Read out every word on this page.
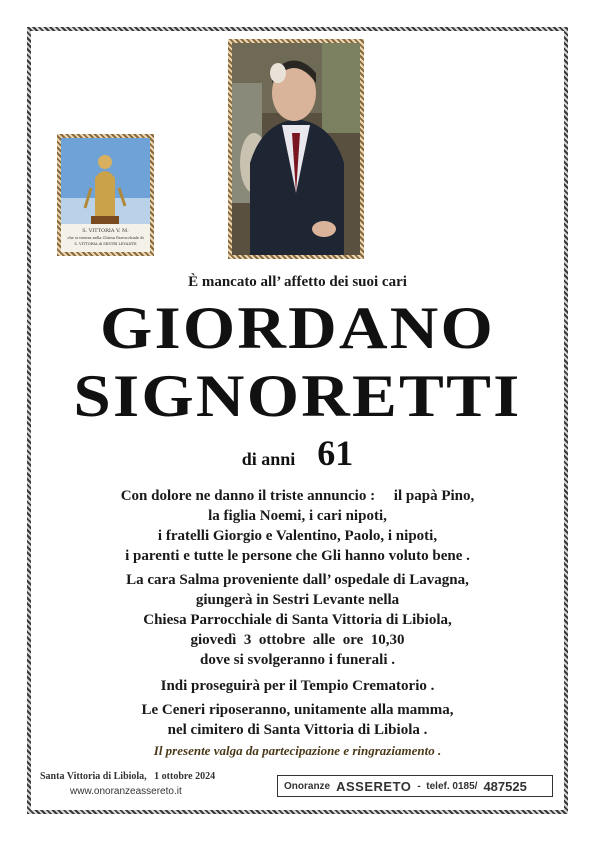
S. VITTORIA V. M.
che si venera nella Chiesa Parrocchiale di
S. VITTORIA di SESTRI LEVANTE
È mancato all’ affetto dei suoi cari
GIORDANO
SIGNORETTI
di anni 61

Con dolore ne danno il triste annuncio :     il papà Pino,

la figlia Noemi, i cari nipoti,

i fratelli Giorgio e Valentino, Paolo, i nipoti,

i parenti e tutte le persone che Gli hanno voluto bene .

La cara Salma proveniente dall’ ospedale di Lavagna,

giungerà in Sestri Levante nella

Chiesa Parrocchiale di Santa Vittoria di Libiola,

giovedì  3  ottobre  alle  ore  10,30

dove si svolgeranno i funerali .

Indi proseguirà per il Tempio Crematorio .

Le Ceneri riposeranno, unitamente alla mamma,

nel cimitero di Santa Vittoria di Libiola .

Il presente valga da partecipazione e ringraziamento .
Santa Vittoria di Libiola,   1 ottobre 2024
www.onoranzeassereto.it	Onoranze ASSERETO -  telef. 0185/ 487525
